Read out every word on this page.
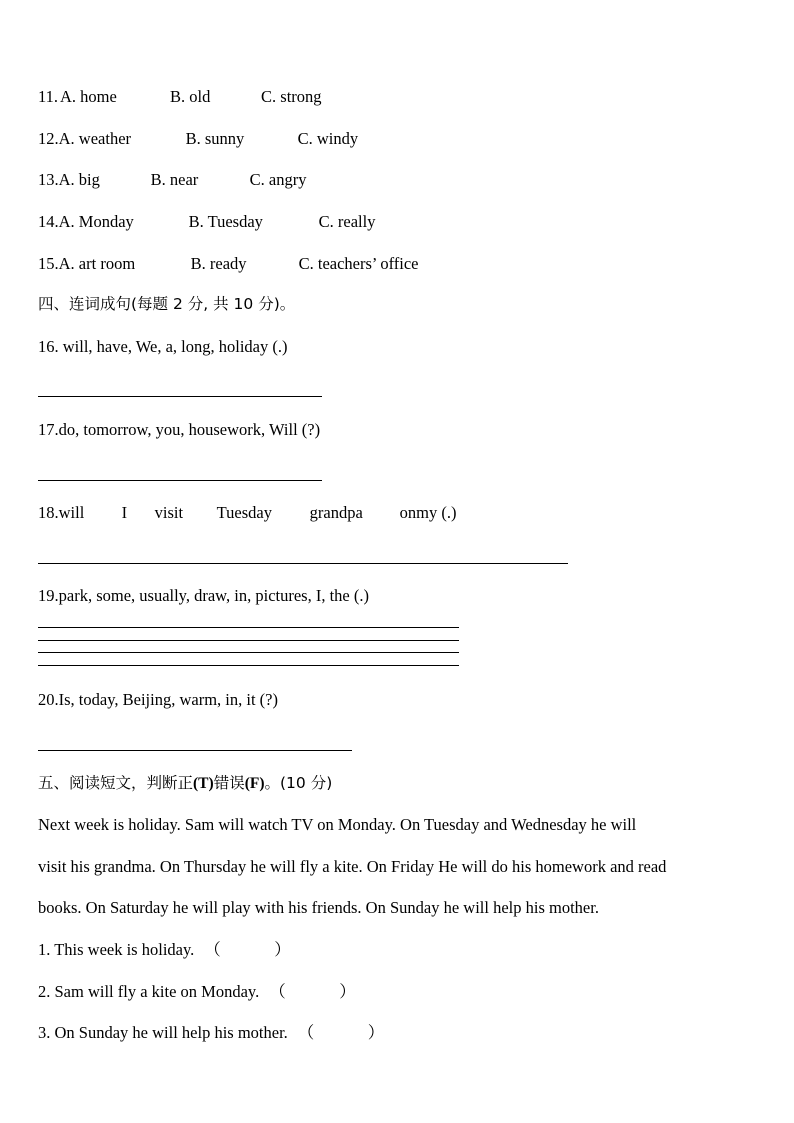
11. A. home	B. old	C. strong
12.A. weather	B. sunny	C. windy
13.A. big	B. near	C. angry
14.A. Monday	B. Tuesday	C. really
15.A. art room	B. ready	C. teachers’ office
四、连词成句(每题 2 分, 共 10 分)。
16. will, have, We, a, long, holiday (.)
17.do, tomorrow, you, housework, Will (?)
18.will I visit Tuesday grandpa onmy (.)
19.park, some, usually, draw, in, pictures, I, the (.)
20.Is, today, Beijing, warm, in, it (?)
五、阅读短文，判断正(T)错误(F)。(10 分)
Next week is holiday. Sam will watch TV on Monday. On Tuesday and Wednesday he will
visit his grandma. On Thursday he will fly a kite. On Friday He will do his homework and read
books. On Saturday he will play with his friends. On Sunday he will help his mother.
1. This week is holiday. （	）
2. Sam will fly a kite on Monday. （	）
3. On Sunday he will help his mother. （	）
